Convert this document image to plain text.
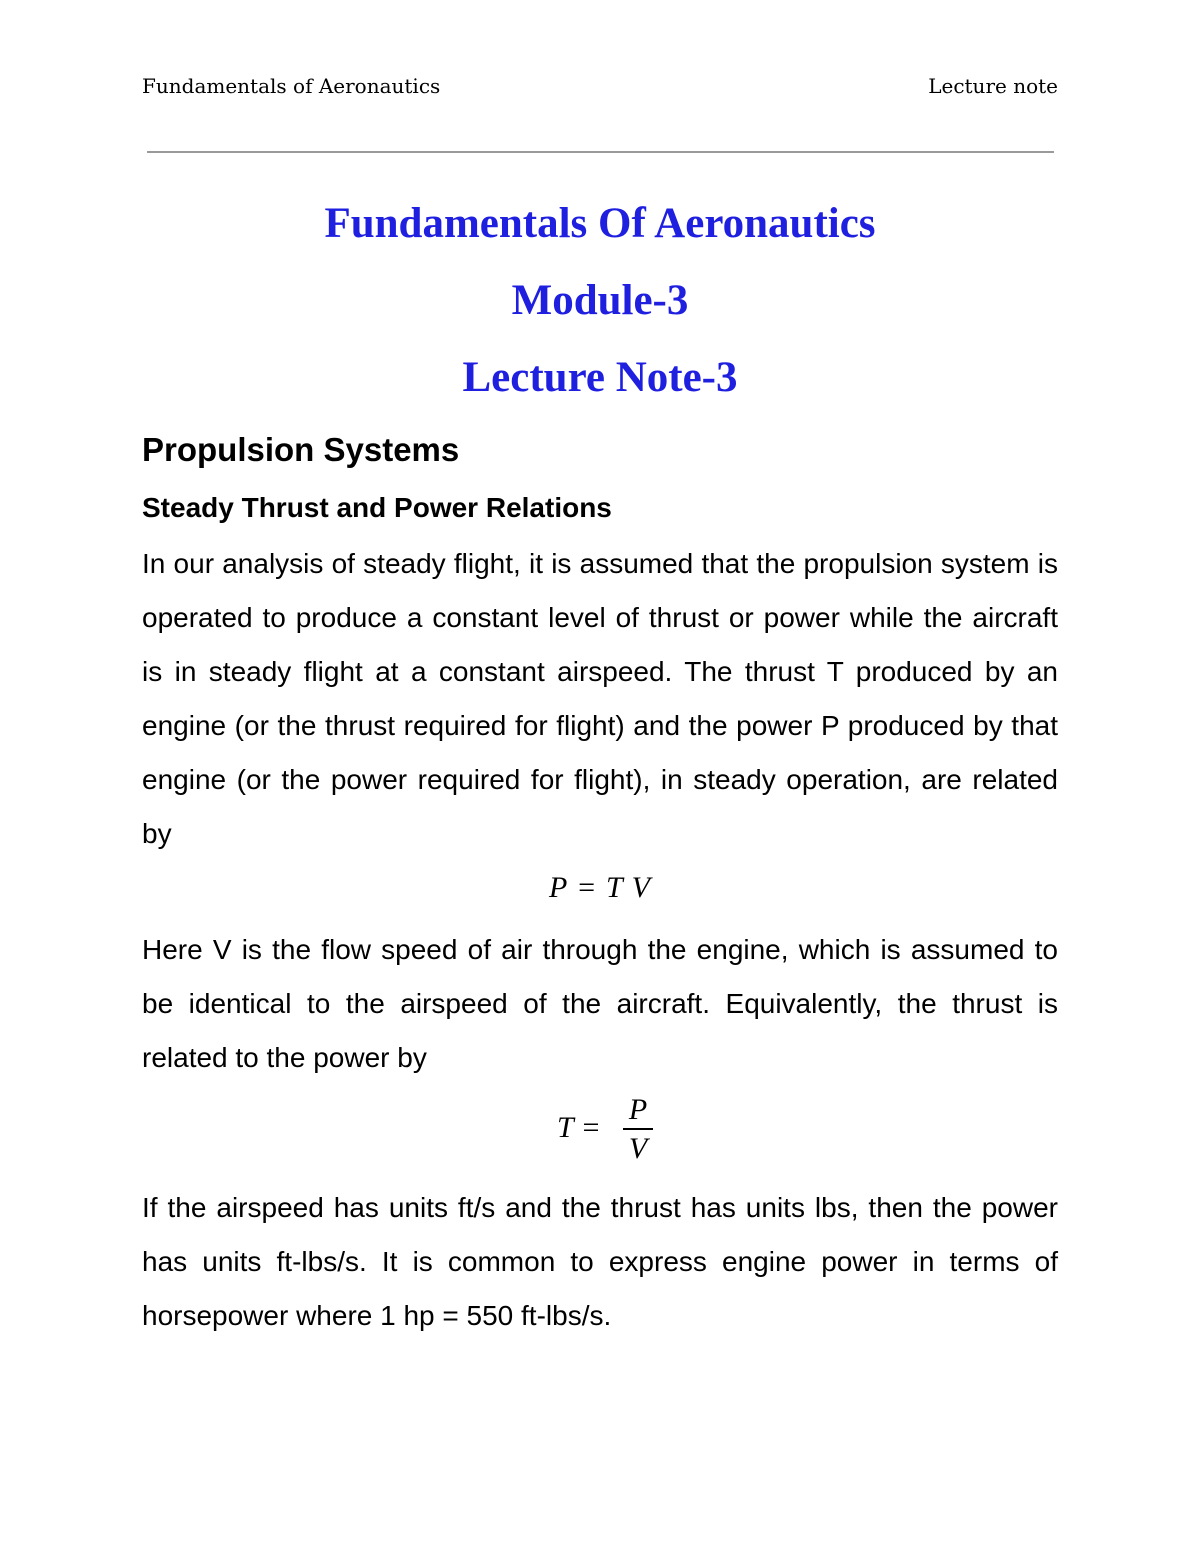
Fundamentals of Aeronautics	Lecture note
Fundamentals Of Aeronautics
Module-3
Lecture Note-3
Propulsion Systems
Steady Thrust and Power Relations

In our analysis of steady flight, it is assumed that the propulsion system is operated to produce a constant level of thrust or power while the aircraft is in steady flight at a constant airspeed. The thrust T produced by an engine (or the thrust required for flight) and the power P produced by that engine (or the power required for flight), in steady operation, are related by

P = T V

Here V is the flow speed of air through the engine, which is assumed to be identical to the airspeed of the aircraft. Equivalently, the thrust is related to the power by

T =
P
V

If the airspeed has units ft/s and the thrust has units lbs, then the power has units ft-lbs/s. It is common to express engine power in terms of horsepower where 1 hp = 550 ft-lbs/s.
